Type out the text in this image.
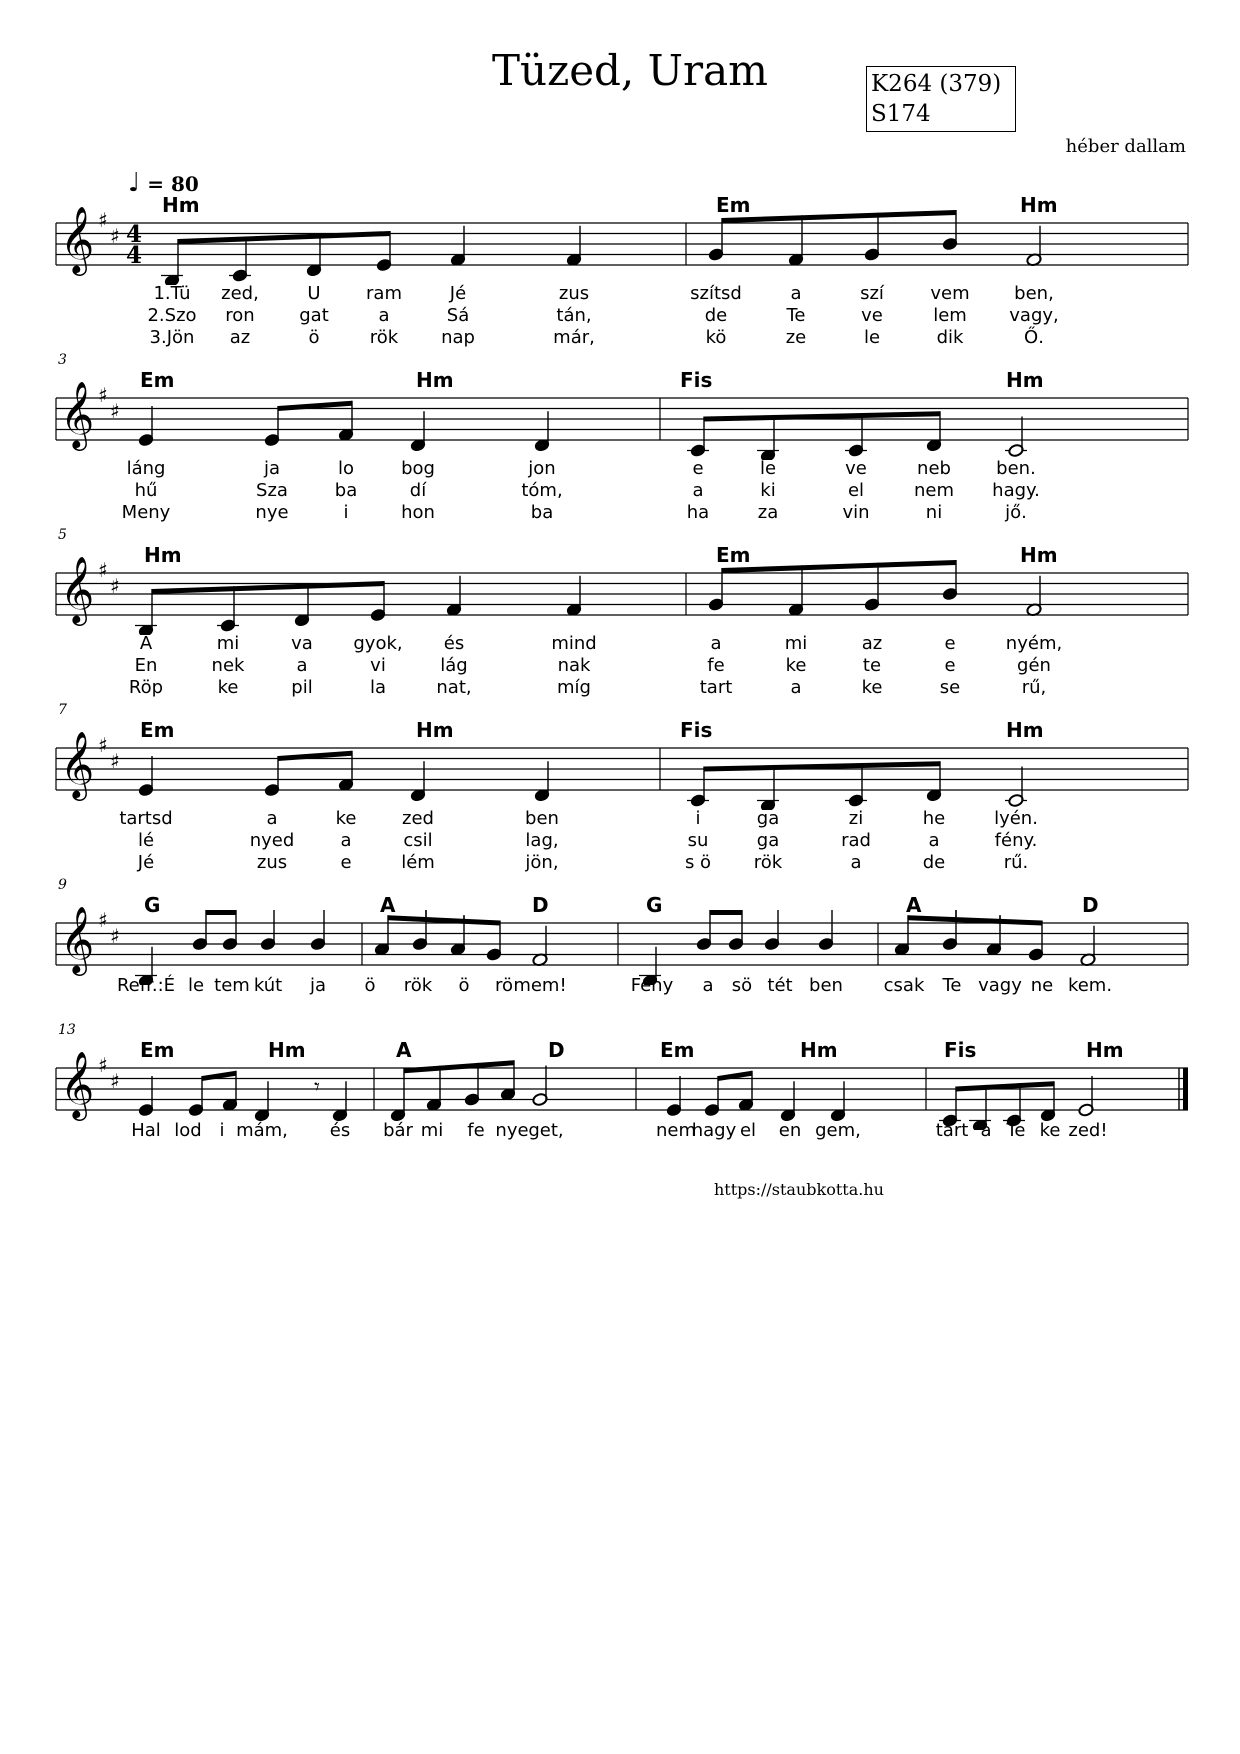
Tüzed, Uram	K264 (379)
S174
héber dallam
♩ = 80
𝄞 ♯
♯ 4
4
Hm	Em	Hm
1.Tü zed,	U	ram	Jé	zus	szítsd	a	szí	vem ben,
2.Szo ron gat	a	Sá	tán,	de	Te	ve	lem vagy,
3.Jön az	ö	rök nap	már,	kö	ze	le	dik	Ő.
𝄞 ♯
♯
3
Em	Hm	Fis	Hm
láng	ja	lo	bog	jon	e	le	ve	neb	ben.
hű	Sza	ba	dí	tóm,	a	ki	el	nem hagy.
Meny	nye	i	hon	ba	ha	za	vin	ni	jő.
𝄞 ♯
♯
5
Hm	Em	Hm
A	mi	va gyok, és	mind	a	mi	az	e	nyém,
En	nek	a	vi	lág	nak	fe	ke	te	e	gén
Röp	ke	pil	la	nat,	míg	tart	a	ke	se	rű,
𝄞 ♯
♯
7
Em	Hm	Fis	Hm
tartsd	a	ke	zed	ben	i	ga	zi	he	lyén.
lé	nyed	a	csil	lag,	su	ga	rad	a	fény.
Jé	zus	e	lém	jön,	s ö rök	a	de	rű.
𝄞 ♯
♯
9
G	A	D	G	A	D
Refr.:É le tem kút ja ö rök ö rö mem!	Fény a sö tét ben csak Te vagy ne kem.
𝄞 ♯
♯	𝄾
13
Em	Hm	A	D	Em	Hm	Fis	Hm
Hal lod i mám, és bár mi fe nye get,	nem
hagy el en gem,	tart a Te ke zed!
https://staubkotta.hu
